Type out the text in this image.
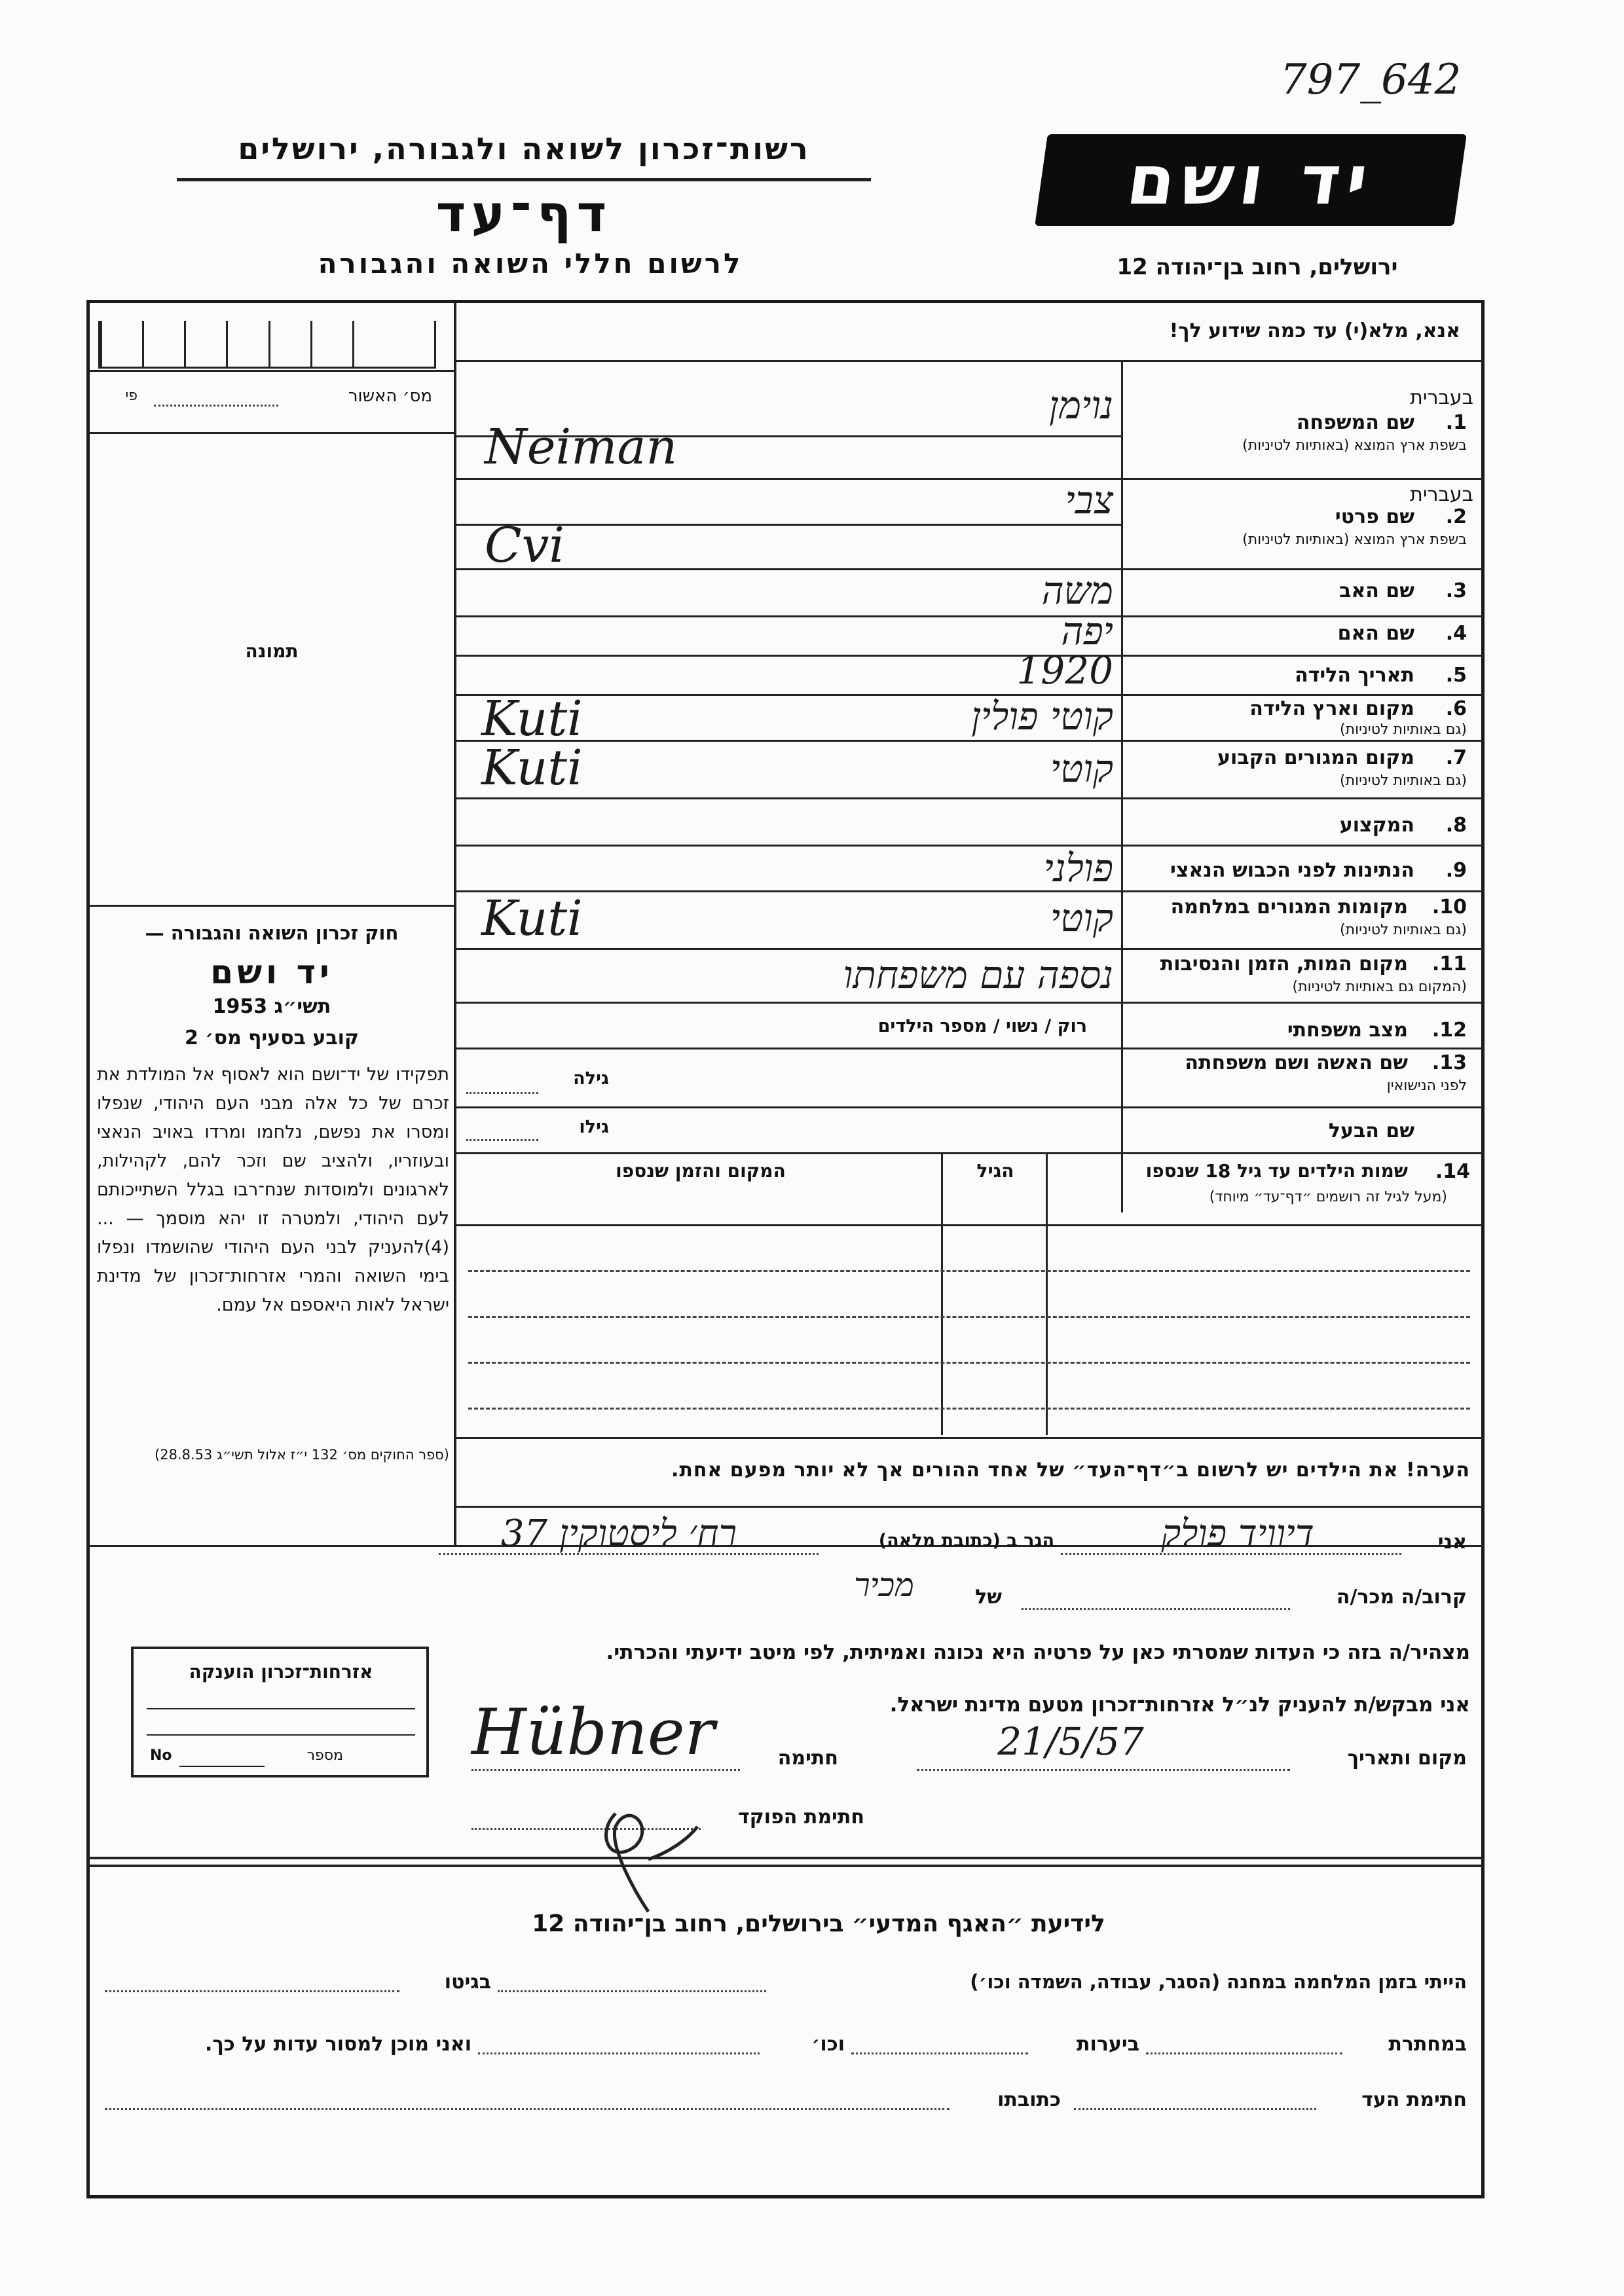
797_642
רשות־זכרון לשואה ולגבורה, ירושלים
דף־עד
לרשום חללי השואה והגבורה
יד ושם
ירושלים, רחוב בן־יהודה 12
אנא, מלא(י) עד כמה שידוע לך!
מס׳ האשור
פי
תמונה
חוק זכרון השואה והגבורה —
יד ושם
תשי״ג 1953
קובע בסעיף מס׳ 2
תפקידו של יד־ושם הוא לאסוף אל המולדת את זכרם של כל אלה מבני העם היהודי, שנפלו ומסרו את נפשם, נלחמו ומרדו באויב הנאצי ובעוזריו, ולהציב שם וזכר להם, לקהילות, לארגונים ולמוסדות שנח־רבו בגלל השתייכותם לעם היהודי, ולמטרה זו יהא מוסמך — ...(4)להעניק לבני העם היהודי שהושמדו ונפלו בימי השואה והמרי אזרחות־זכרון של מדינת ישראל לאות היאספם אל עמם.
(ספר החוקים מס׳ 132 י״ז אלול תשי״ג 28.8.53)
אזרחות־זכרון הוענקה
מספר
No
בעברית
1.
שם המשפחה
בשפת ארץ המוצא (באותיות לטיניות)
בעברית
2.
שם פרטי
בשפת ארץ המוצא (באותיות לטיניות)
3.
שם האב
4.
שם האם
5.
תאריך הלידה
6.
מקום וארץ הלידה
(גם באותיות לטיניות)
7.
מקום המגורים הקבוע
(גם באותיות לטיניות)
8.
המקצוע
9.
הנתינות לפני הכבוש הנאצי
10.
מקומות המגורים במלחמה
(גם באותיות לטיניות)
11.
מקום המות, הזמן והנסיבות
(המקום גם באותיות לטיניות)
12.
מצב משפחתי
רוק / נשוי / מספר הילדים
13.
שם האשה ושם משפחתה
לפני הנישואין
גילה
שם הבעל
גילו
נוימן
Neiman
צבי
Cvi
משה
יפה
1920
קוטי פולין
Kuti
קוטי
Kuti
פולני
קוטי
Kuti
נספה עם משפחתו
14.
שמות הילדים עד גיל 18 שנספו
(מעל לגיל זה רושמים ״דף־עד״ מיוחד)
הגיל
המקום והזמן שנספו
הערה! את הילדים יש לרשום ב״דף־העד״ של אחד ההורים אך לא יותר מפעם אחת.
אני
דיוויד פולק
הגר ב (כתובת מלאה)
רח׳ ליסטוקין 37
קרוב/ה מכר/ה
של
מכיר
מצהיר/ה בזה כי העדות שמסרתי כאן על פרטיה היא נכונה ואמיתית, לפי מיטב ידיעתי והכרתי.
אני מבקש/ת להעניק לנ״ל אזרחות־זכרון מטעם מדינת ישראל.
מקום ותאריך
21/5/57
חתימה
Hübner
חתימת הפוקד
לידיעת ״האגף המדעי״ בירושלים, רחוב בן־יהודה 12
הייתי בזמן המלחמה במחנה (הסגר, עבודה, השמדה וכו׳)
בגיטו
במחתרת
ביערות
וכו׳
ואני מוכן למסור עדות על כך.
חתימת העד
כתובתו
